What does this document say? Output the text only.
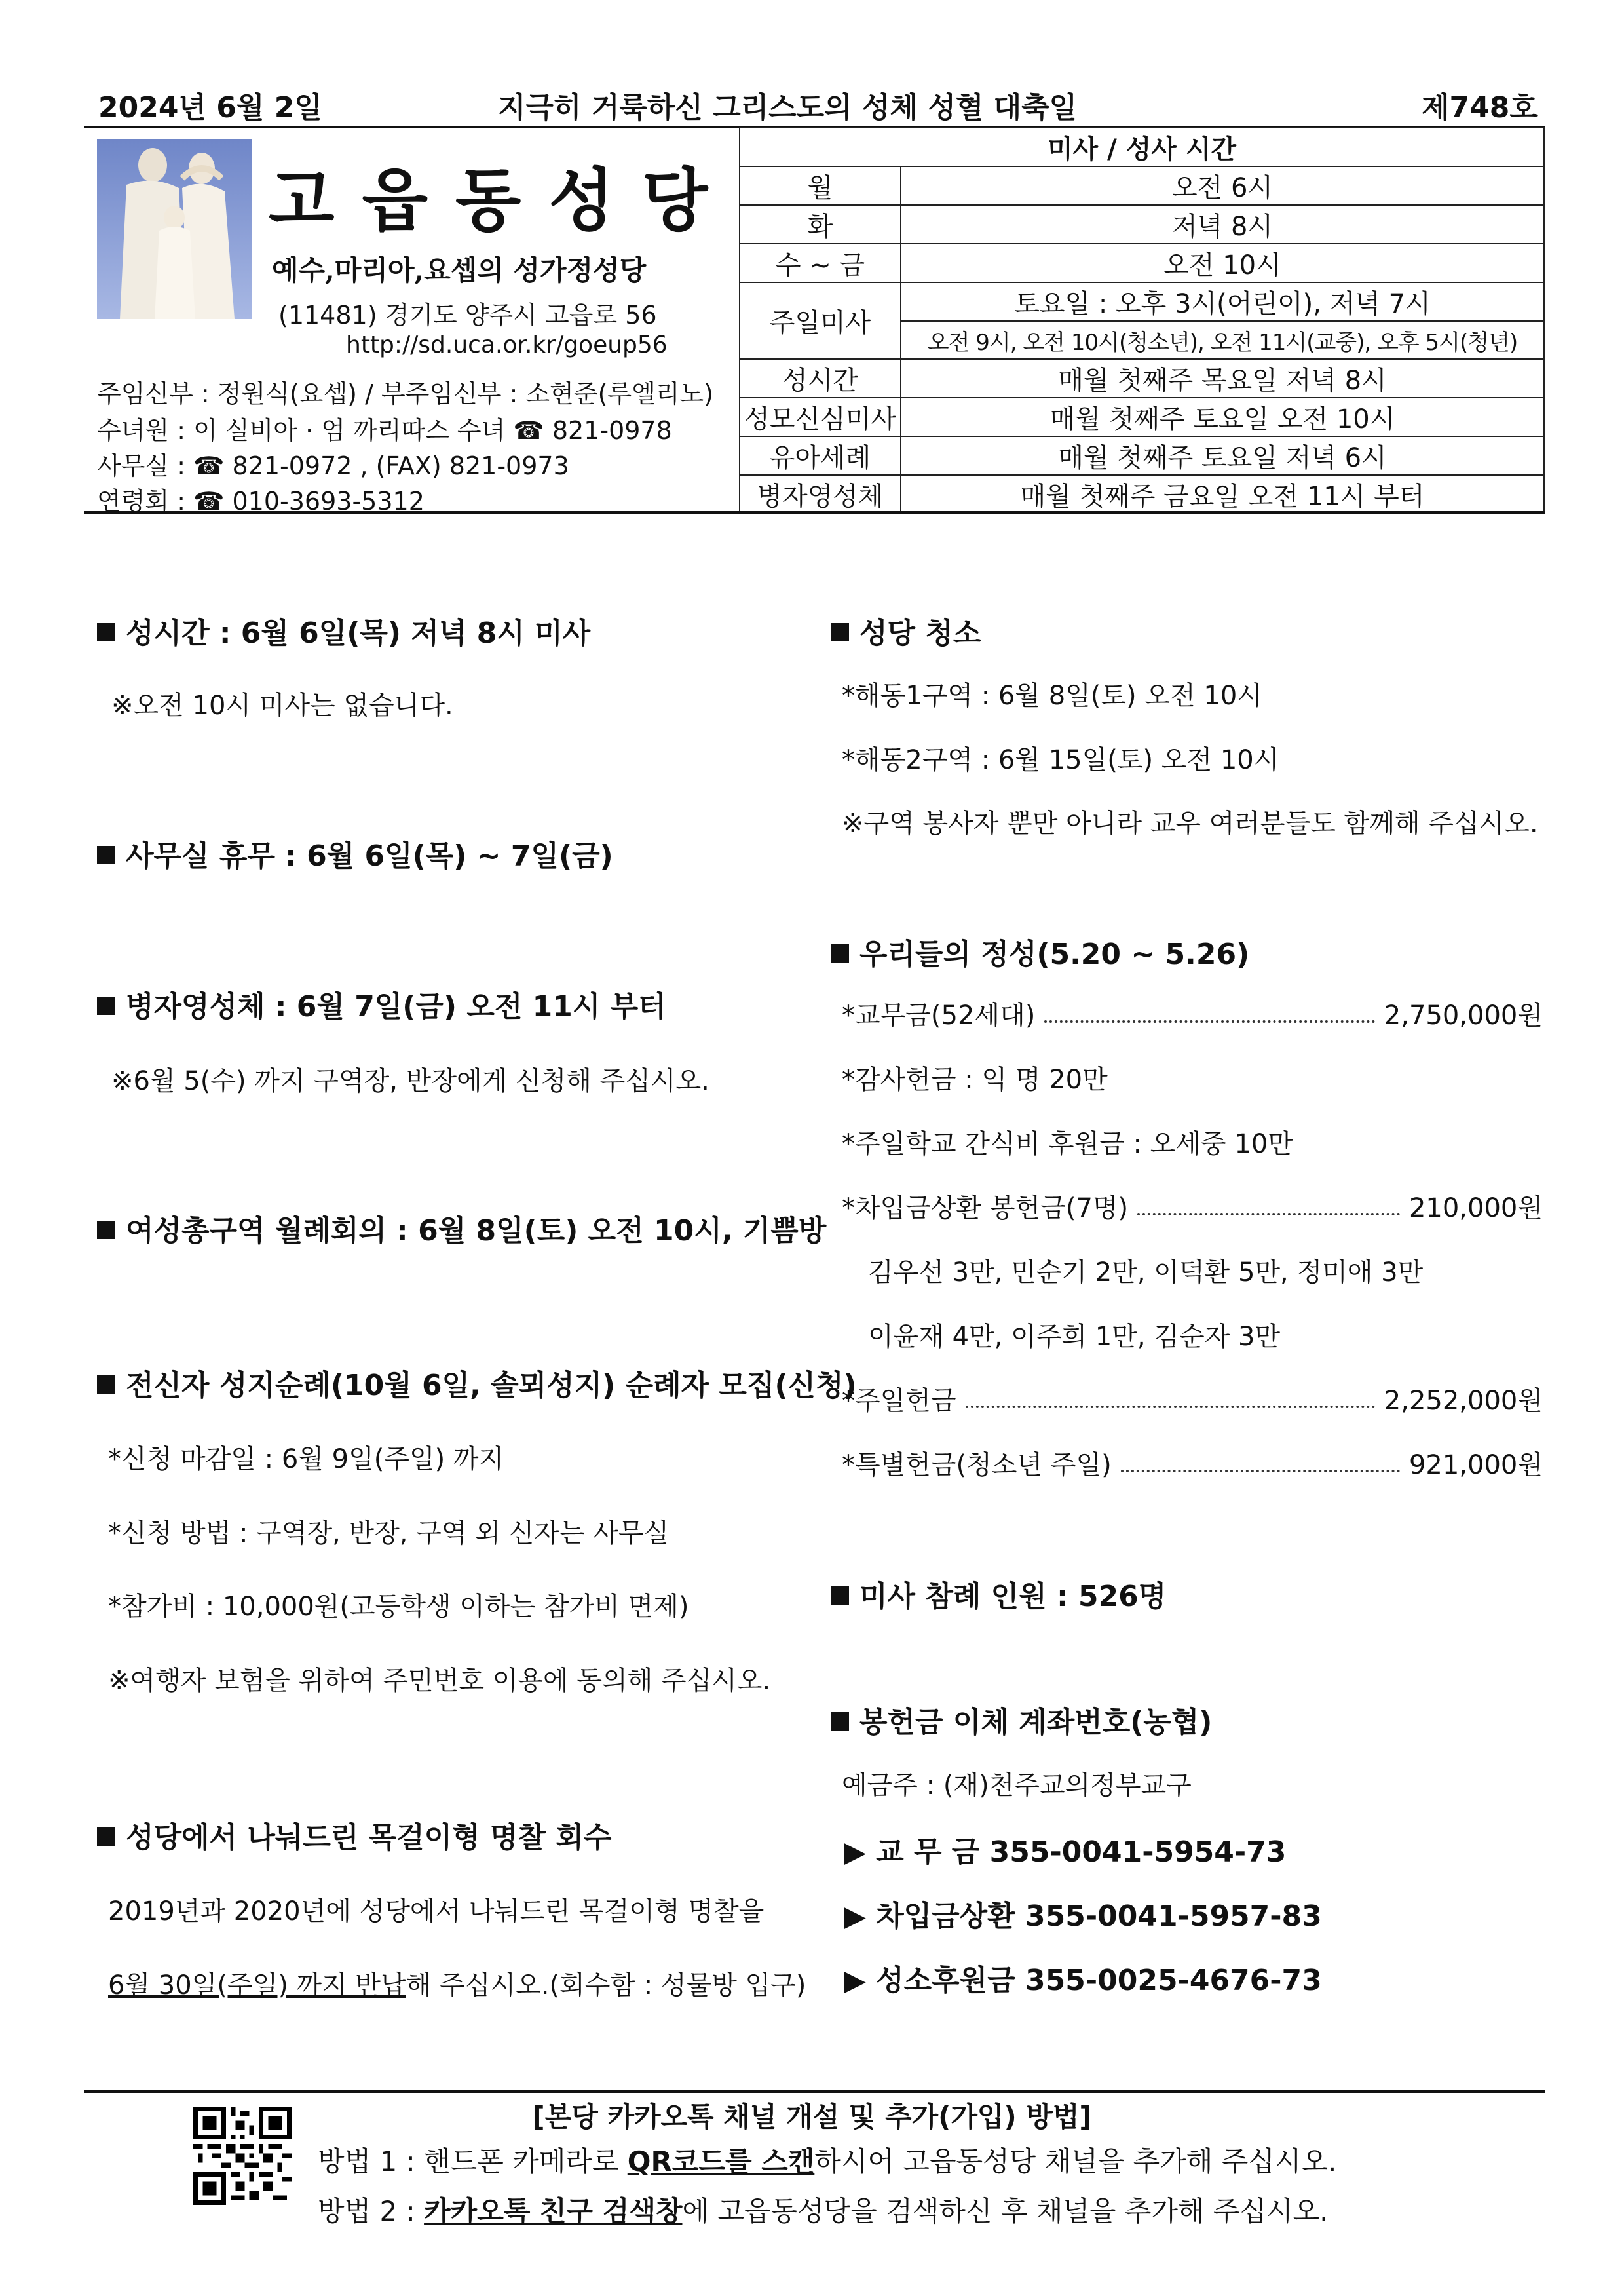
2024년 6월 2일	지극히 거룩하신 그리스도의 성체 성혈 대축일	제748호
고읍동성당
예수,마리아,요셉의 성가정성당
(11481) 경기도 양주시 고읍로 56
http://sd.uca.or.kr/goeup56
주임신부 : 정원식(요셉) / 부주임신부 : 소현준(루엘리노)
수녀원 : 이 실비아 · 엄 까리따스 수녀 ☎ 821-0978
사무실 : ☎ 821-0972 , (FAX) 821-0973
연령회 : ☎ 010-3693-5312
미사 / 성사 시간	
월	오전 6시
화	저녁 8시
수 ~ 금	오전 10시
주일미사	토요일 : 오후 3시(어린이), 저녁 7시
	오전 9시, 오전 10시(청소년), 오전 11시(교중), 오후 5시(청년)
성시간	매월 첫째주 목요일 저녁 8시
성모신심미사	매월 첫째주 토요일 오전 10시
유아세례	매월 첫째주 토요일 저녁 6시
병자영성체	매월 첫째주 금요일 오전 11시 부터
성시간 : 6월 6일(목) 저녁 8시 미사
※오전 10시 미사는 없습니다.
사무실 휴무 : 6월 6일(목) ~ 7일(금)
병자영성체 : 6월 7일(금) 오전 11시 부터
※6월 5(수) 까지 구역장, 반장에게 신청해 주십시오.
여성총구역 월례회의 : 6월 8일(토) 오전 10시, 기쁨방
전신자 성지순례(10월 6일, 솔뫼성지) 순례자 모집(신청)
*신청 마감일 : 6월 9일(주일) 까지
*신청 방법 : 구역장, 반장, 구역 외 신자는 사무실
*참가비 : 10,000원(고등학생 이하는 참가비 면제)
※여행자 보험을 위하여 주민번호 이용에 동의해 주십시오.
성당에서 나눠드린 목걸이형 명찰 회수
2019년과 2020년에 성당에서 나눠드린 목걸이형 명찰을
6월 30일(주일) 까지 반납해 주십시오.(회수함 : 성물방 입구)
성당 청소
*해동1구역 : 6월 8일(토) 오전 10시
*해동2구역 : 6월 15일(토) 오전 10시
※구역 봉사자 뿐만 아니라 교우 여러분들도 함께해 주십시오.
우리들의 정성(5.20 ~ 5.26)
*교무금(52세대)	2,750,000원
*감사헌금 : 익 명 20만
*주일학교 간식비 후원금 : 오세중 10만
*차입금상환 봉헌금(7명)	210,000원
김우선 3만, 민순기 2만, 이덕환 5만, 정미애 3만
이윤재 4만, 이주희 1만, 김순자 3만
*주일헌금	2,252,000원
*특별헌금(청소년 주일)	921,000원
미사 참례 인원 : 526명
봉헌금 이체 계좌번호(농협)
예금주 : (재)천주교의정부교구
▶ 교 무 금 355-0041-5954-73
▶ 차입금상환 355-0041-5957-83
▶ 성소후원금 355-0025-4676-73
[본당 카카오톡 채널 개설 및 추가(가입) 방법]
방법 1 : 핸드폰 카메라로 QR코드를 스캔하시어 고읍동성당 채널을 추가해 주십시오.
방법 2 : 카카오톡 친구 검색창에 고읍동성당을 검색하신 후 채널을 추가해 주십시오.
